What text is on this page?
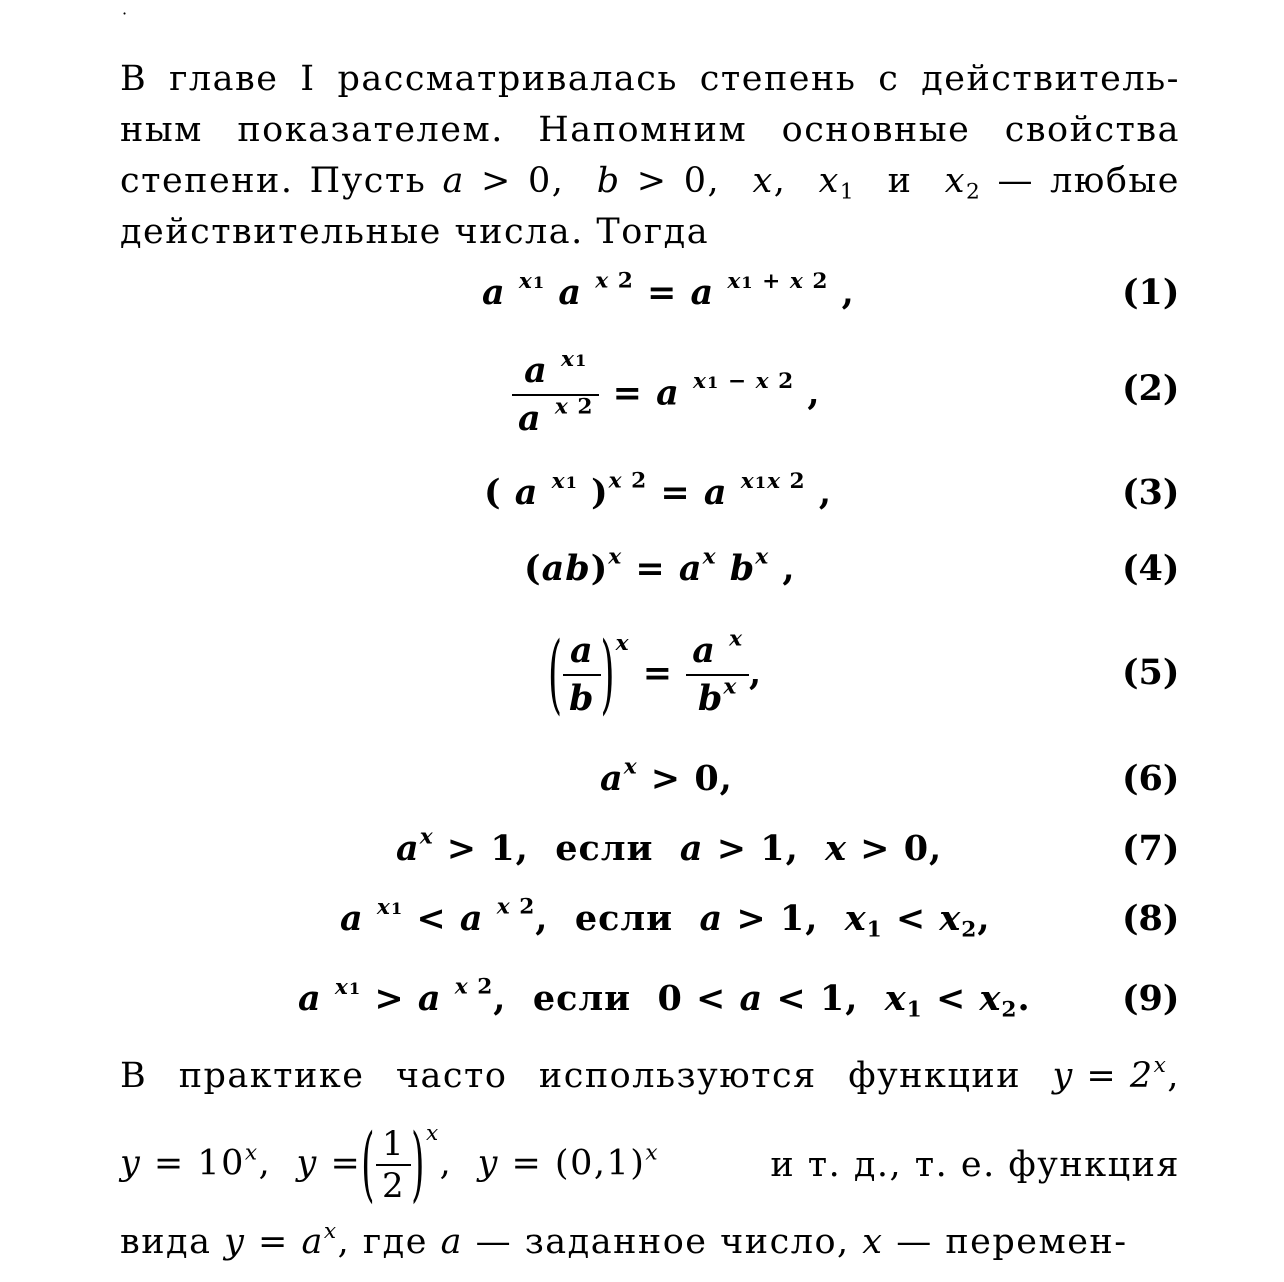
·
В главе I рассматривалась степень с действитель-
ным показателем. Напомним основные свойства
степени. Пусть a > 0,  b > 0,  x,  $x_1$ и $x_2$ — любые
действительные числа. Тогда
a $^{x1}$ a $^{x 2}$ = a $^{x1 + x 2}$ ,	(1)
$\frac{a ^{x1}}{a ^{x 2}} = a$ $^{x1 - x 2}$ ,	(2)
( a $^{x1}$ )$^{x 2}$ = a $^{x1x 2}$ ,	(3)
$(ab)^x = a^x$ $b^x$ ,	(4)
( $\frac{a}{b} )^x = \frac{a ^x}{b^x}$ ,	(5)
$a^x > 0$,	(6)
$a^x > 1$,  если a > 1,  x > 0,	(7)
a $^{x1}$ < a $^{x 2}$,  если a > 1,  x1 < x2,	(8)
a $^{x1}$ > a $^{x 2}$,  если  0 < a < 1,  x1 < x2.	(9)
В практике часто используются функции $y = 2^x$,
$y = 10^x$,  y =( $\frac{1}{2} )^x$,  $y = (0,1)^x$	и т. д., т. е. функция
вида $y = a^x$, где a — заданное число, x — перемен-
